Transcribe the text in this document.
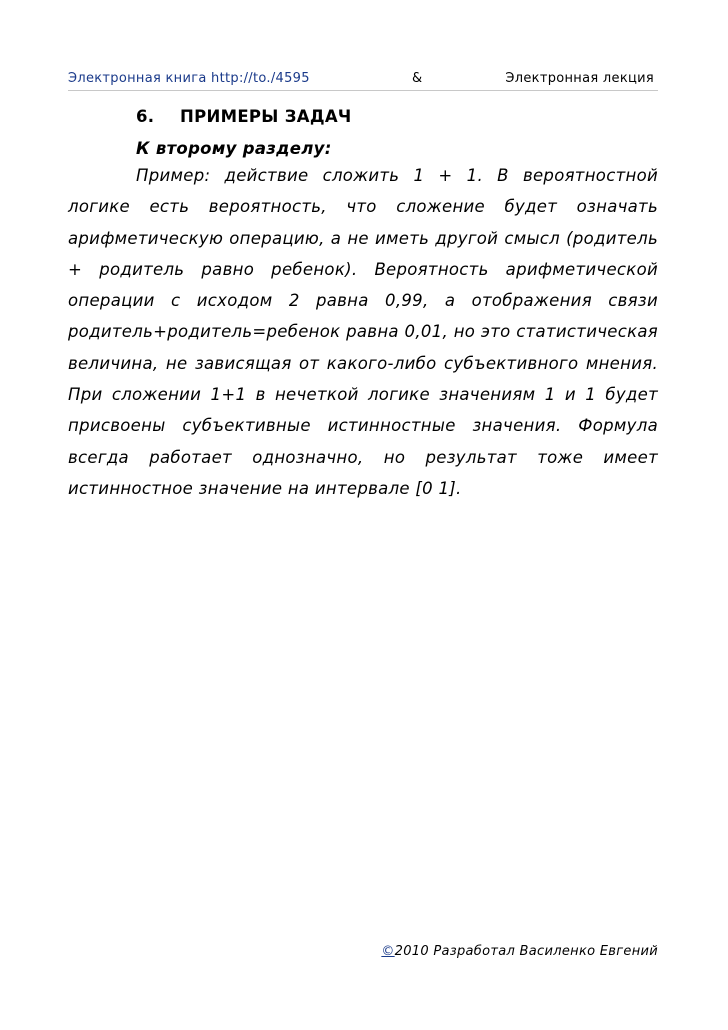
Электронная книга http://to./4595	&	Электронная лекция
6. ПРИМЕРЫ ЗАДАЧ
К второму разделу:

Пример: действие сложить 1 + 1. В вероятностной логике есть вероятность, что сложение будет означать арифметическую операцию, а не иметь другой смысл (родитель + родитель равно ребенок). Вероятность арифметической операции с исходом 2 равна 0,99, а отображения связи родитель+родитель=ребенок равна 0,01, но это статистическая величина, не зависящая от какого-либо субъективного мнения. При сложении 1+1 в нечеткой логике значениям 1 и 1 будет присвоены субъективные истинностные значения. Формула всегда работает однозначно, но результат тоже имеет истинностное значение на интервале [0 1].

©2010 Разработал Василенко Евгений
